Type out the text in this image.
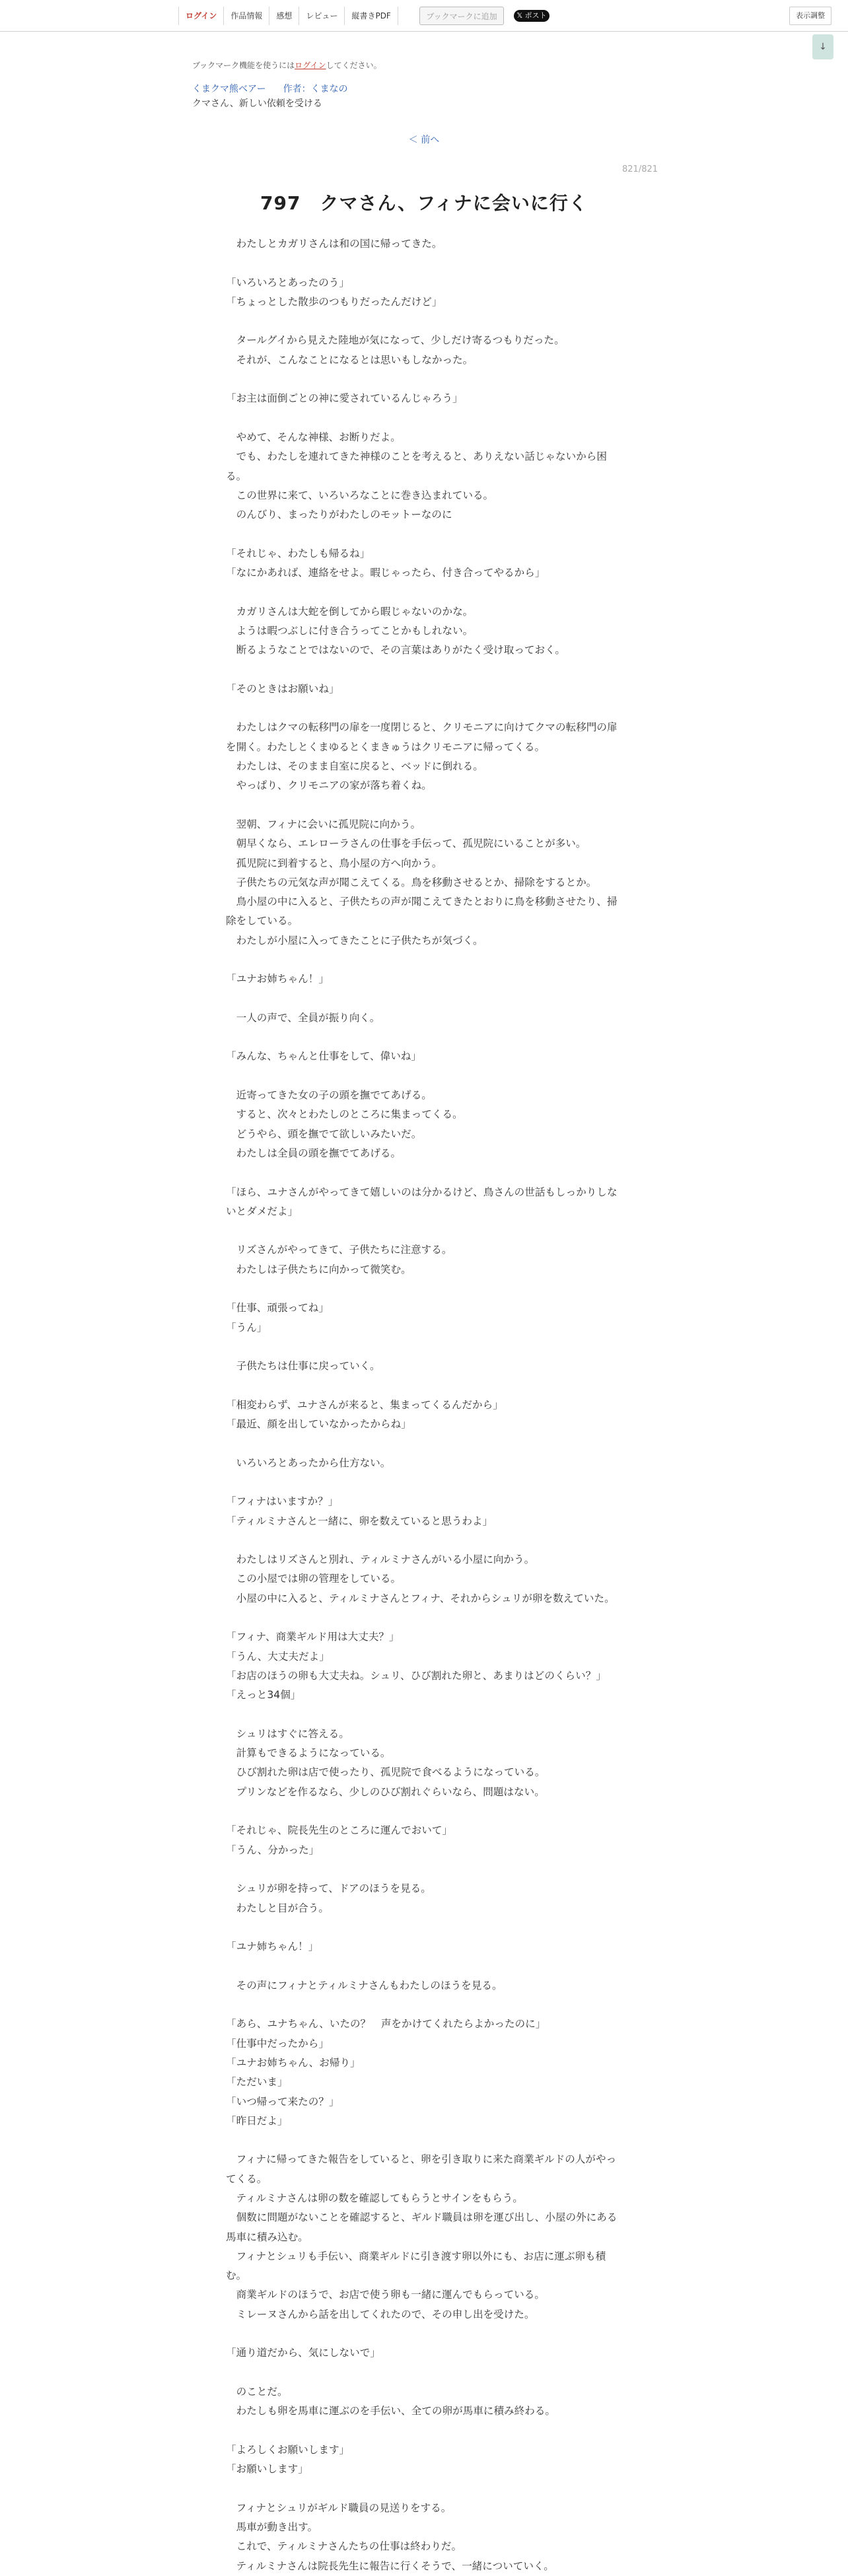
ログイン	作品情報	感想	レビュー	縦書きPDF	ブックマークに追加	𝕏 ポスト	表示調整
↓
ブックマーク機能を使うにはログインしてください。
くまクマ熊ベアー 作者：くまなの
クマさん、新しい依頼を受ける
＜ 前へ
821/821
797　クマさん、フィナに会いに行く

　わたしとカガリさんは和の国に帰ってきた。

「いろいろとあったのう」

「ちょっとした散歩のつもりだったんだけど」

　タールグイから見えた陸地が気になって、少しだけ寄るつもりだった。

　それが、こんなことになるとは思いもしなかった。

「お主は面倒ごとの神に愛されているんじゃろう」

　やめて、そんな神様、お断りだよ。

　でも、わたしを連れてきた神様のことを考えると、ありえない話じゃないから困る。

　この世界に来て、いろいろなことに巻き込まれている。

　のんびり、まったりがわたしのモットーなのに

「それじゃ、わたしも帰るね」

「なにかあれば、連絡をせよ。暇じゃったら、付き合ってやるから」

　カガリさんは大蛇を倒してから暇じゃないのかな。

　ようは暇つぶしに付き合うってことかもしれない。

　断るようなことではないので、その言葉はありがたく受け取っておく。

「そのときはお願いね」

　わたしはクマの転移門の扉を一度閉じると、クリモニアに向けてクマの転移門の扉を開く。わたしとくまゆるとくまきゅうはクリモニアに帰ってくる。

　わたしは、そのまま自室に戻ると、ベッドに倒れる。

　やっぱり、クリモニアの家が落ち着くね。

　翌朝、フィナに会いに孤児院に向かう。

　朝早くなら、エレローラさんの仕事を手伝って、孤児院にいることが多い。

　孤児院に到着すると、鳥小屋の方へ向かう。

　子供たちの元気な声が聞こえてくる。鳥を移動させるとか、掃除をするとか。

　鳥小屋の中に入ると、子供たちの声が聞こえてきたとおりに鳥を移動させたり、掃除をしている。

　わたしが小屋に入ってきたことに子供たちが気づく。

「ユナお姉ちゃん！」

　一人の声で、全員が振り向く。

「みんな、ちゃんと仕事をして、偉いね」

　近寄ってきた女の子の頭を撫でてあげる。

　すると、次々とわたしのところに集まってくる。

　どうやら、頭を撫でて欲しいみたいだ。

　わたしは全員の頭を撫でてあげる。

「ほら、ユナさんがやってきて嬉しいのは分かるけど、鳥さんの世話もしっかりしないとダメだよ」

　リズさんがやってきて、子供たちに注意する。

　わたしは子供たちに向かって微笑む。

「仕事、頑張ってね」

「うん」

　子供たちは仕事に戻っていく。

「相変わらず、ユナさんが来ると、集まってくるんだから」

「最近、顔を出していなかったからね」

　いろいろとあったから仕方ない。

「フィナはいますか？」

「ティルミナさんと一緒に、卵を数えていると思うわよ」

　わたしはリズさんと別れ、ティルミナさんがいる小屋に向かう。

　この小屋では卵の管理をしている。

　小屋の中に入ると、ティルミナさんとフィナ、それからシュリが卵を数えていた。

「フィナ、商業ギルド用は大丈夫？」

「うん、大丈夫だよ」

「お店のほうの卵も大丈夫ね。シュリ、ひび割れた卵と、あまりはどのくらい？」

「えっと34個」

　シュリはすぐに答える。

　計算もできるようになっている。

　ひび割れた卵は店で使ったり、孤児院で食べるようになっている。

　プリンなどを作るなら、少しのひび割れぐらいなら、問題はない。

「それじゃ、院長先生のところに運んでおいて」

「うん、分かった」

　シュリが卵を持って、ドアのほうを見る。

　わたしと目が合う。

「ユナ姉ちゃん！」

　その声にフィナとティルミナさんもわたしのほうを見る。

「あら、ユナちゃん、いたの？　声をかけてくれたらよかったのに」

「仕事中だったから」

「ユナお姉ちゃん、お帰り」

「ただいま」

「いつ帰って来たの？」

「昨日だよ」

　フィナに帰ってきた報告をしていると、卵を引き取りに来た商業ギルドの人がやってくる。

　ティルミナさんは卵の数を確認してもらうとサインをもらう。

　個数に問題がないことを確認すると、ギルド職員は卵を運び出し、小屋の外にある馬車に積み込む。

　フィナとシュリも手伝い、商業ギルドに引き渡す卵以外にも、お店に運ぶ卵も積む。

　商業ギルドのほうで、お店で使う卵も一緒に運んでもらっている。

　ミレーヌさんから話を出してくれたので、その申し出を受けた。

「通り道だから、気にしないで」

　のことだ。

　わたしも卵を馬車に運ぶのを手伝い、全ての卵が馬車に積み終わる。

「よろしくお願いします」

「お願いします」

　フィナとシュリがギルド職員の見送りをする。

　馬車が動き出す。

　これで、ティルミナさんたちの仕事は終わりだ。

　ティルミナさんは院長先生に報告に行くそうで、一緒についていく。
